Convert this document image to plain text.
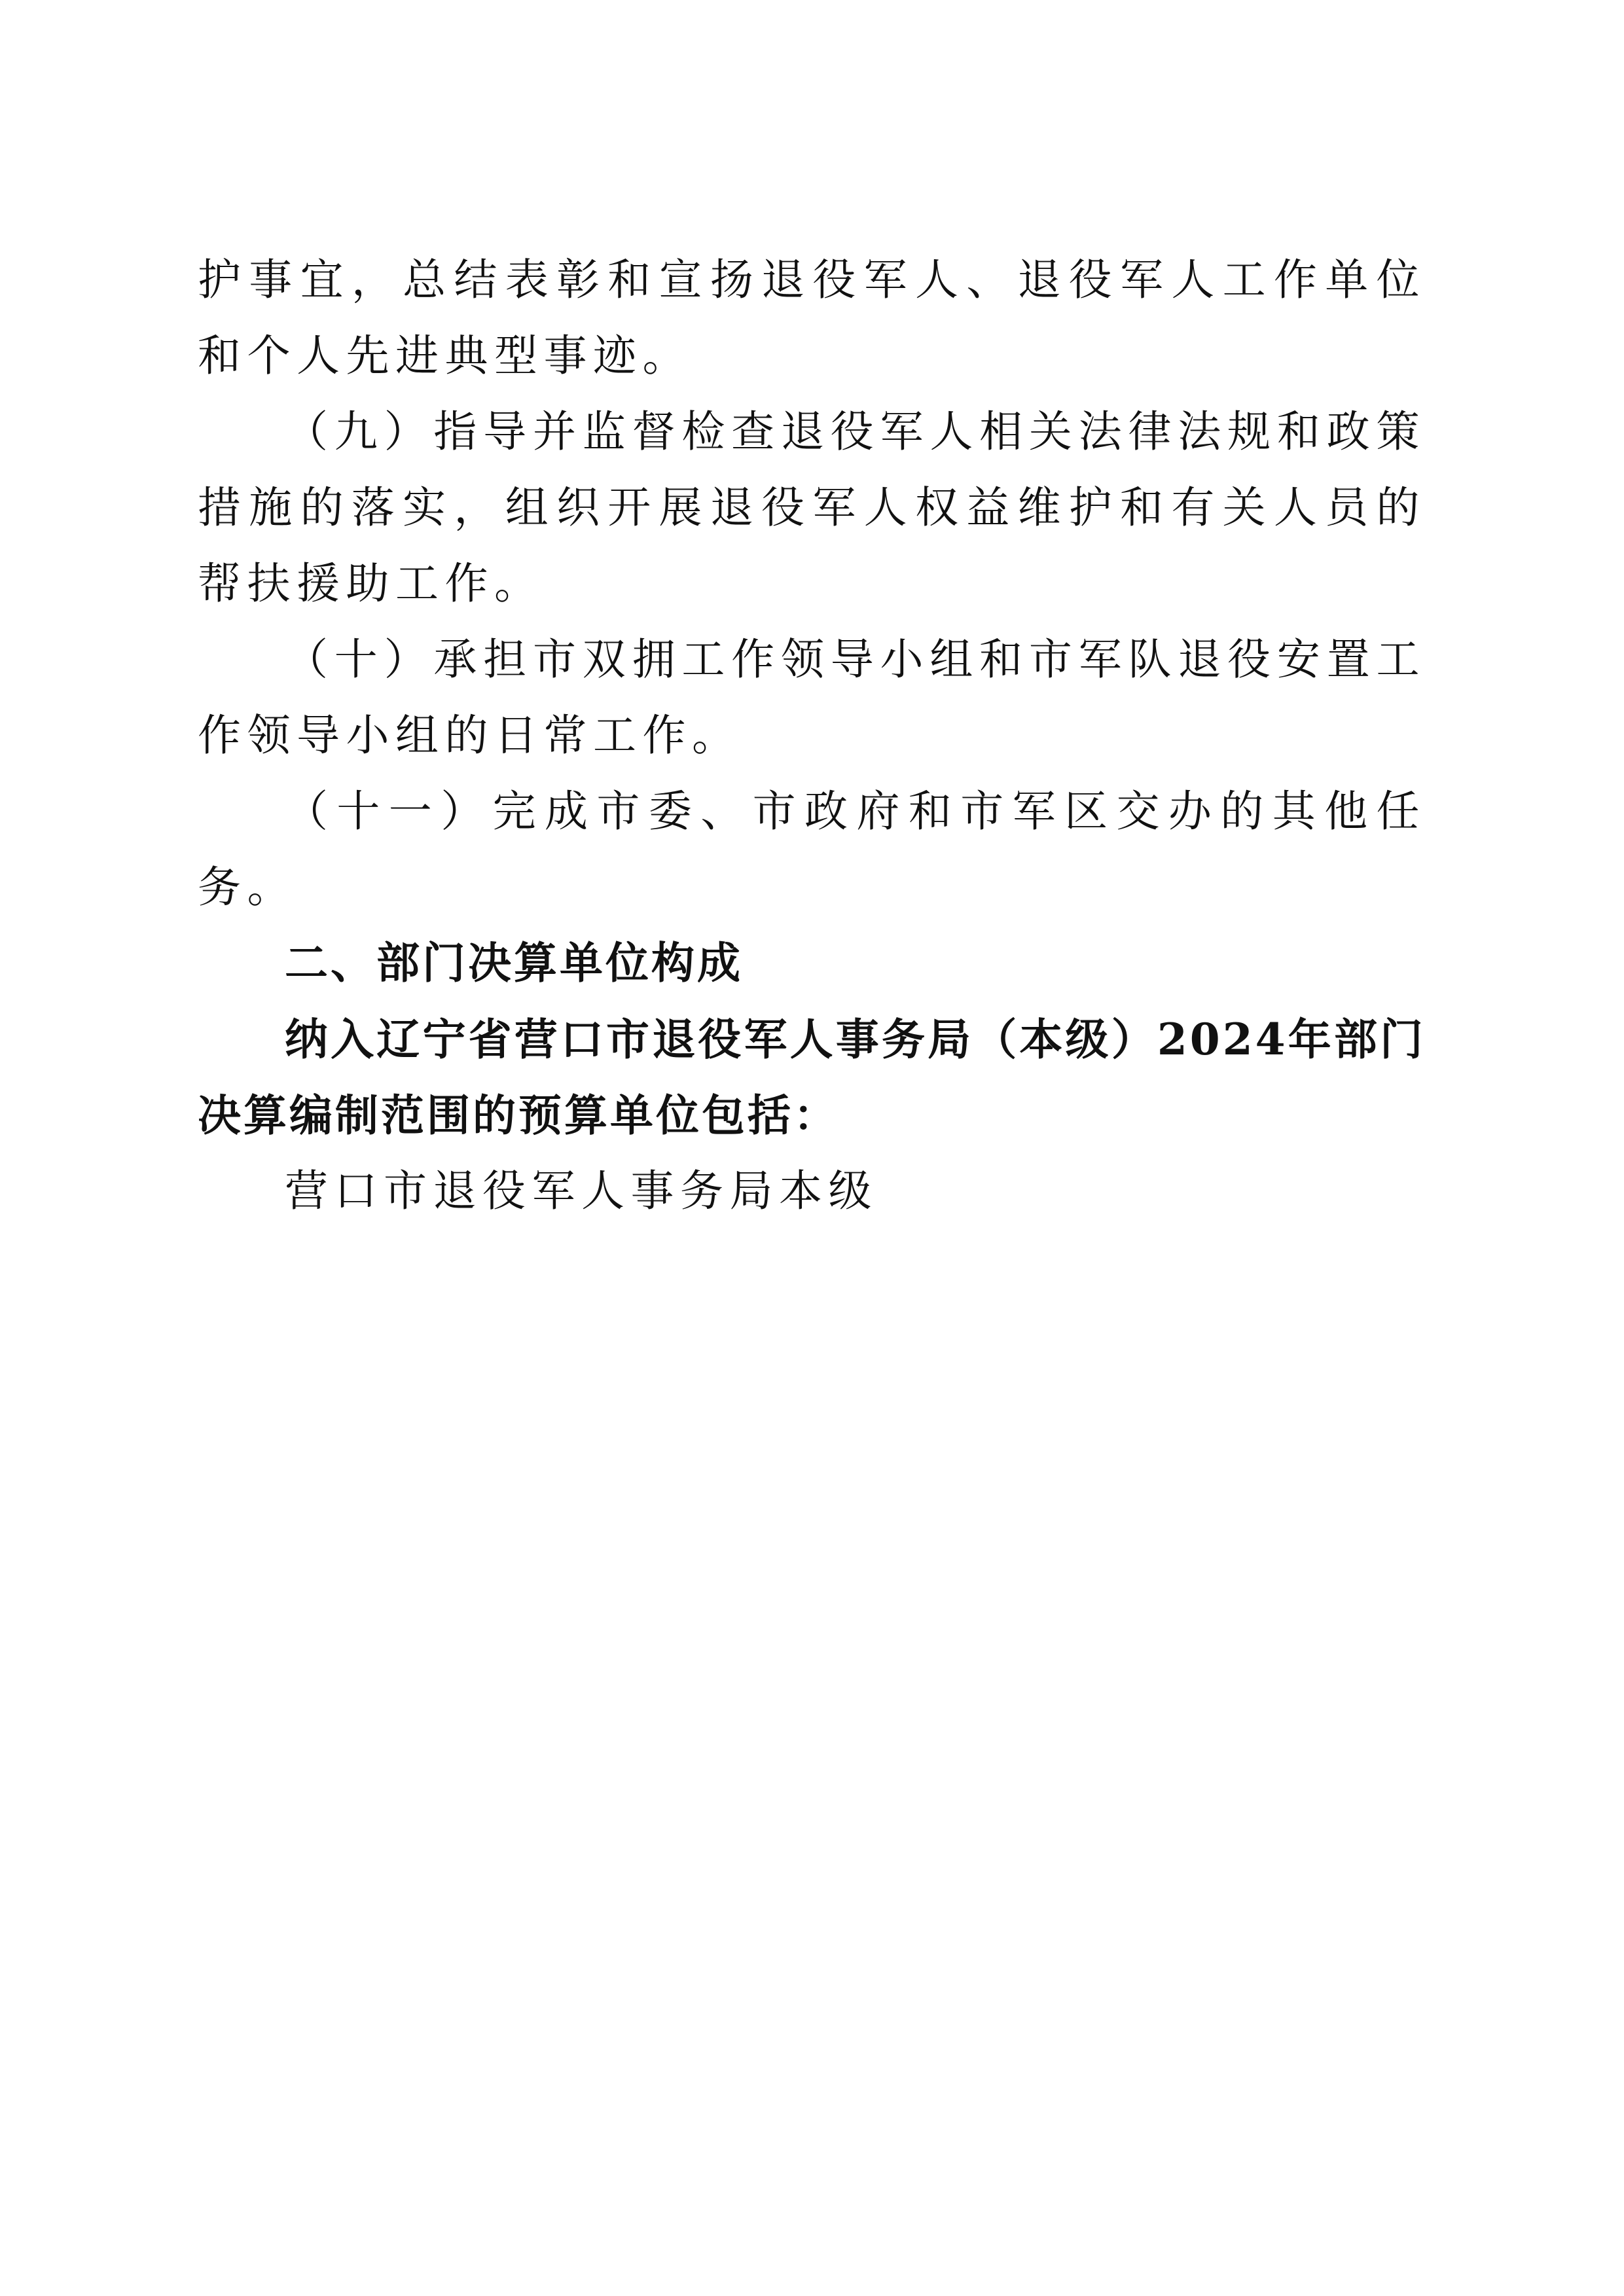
护事宜，总结表彰和宣扬退役军人、退役军人工作单位和个人先进典型事迹。

（九）指导并监督检查退役军人相关法律法规和政策措施的落实，组织开展退役军人权益维护和有关人员的帮扶援助工作。

（十）承担市双拥工作领导小组和市军队退役安置工作领导小组的日常工作。

（十一）完成市委、市政府和市军区交办的其他任务。

二、部门决算单位构成

纳入辽宁省营口市退役军人事务局（本级）2024年部门决算编制范围的预算单位包括：

营口市退役军人事务局本级
